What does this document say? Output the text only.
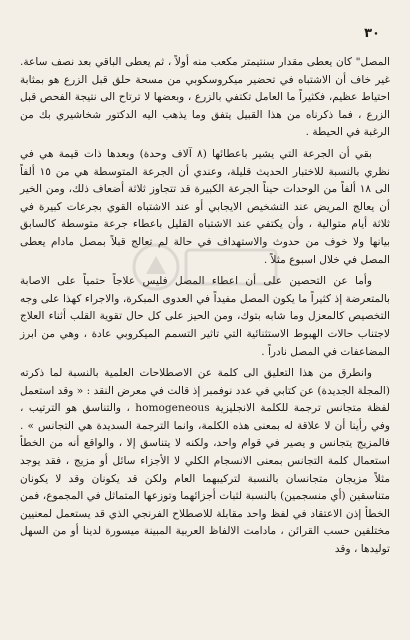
٣٠

المصل" كان يعطى مقدار سنتيمتر مكعب منه أولاً ، ثم يعطى الباقي بعد نصف ساعة. غير خاف أن الاشتباه في تحضير ميكروسكوبي من مسحة حلق قبل الزرع هو بمثابة احتياط عظيم، فكثيراً ما العامل تكتفي بالزرع ، وبعضها لا ترتاح الى نتيجة الفحص قبل الزرع ، فما ذكرناه من هذا القبيل يتفق وما يذهب اليه الدكتور شخاشيري بك من الرغبة في الحيطة .

بقي أن الجرعة التي يشير باعطائها (٨ آلاف وحدة) وبعدها ذات قيمة هي في نظري بالنسبة للاختبار الحديث قليلة، وعندي أن الجرعة المتوسطة هي من ١٥ ألفاً الى ١٨ ألفاً من الوحدات حيناً الجرعة الكبيرة قد تتجاوز ثلاثة أضعاف ذلك، ومن الخير أن يعالج المريض عند التشخيص الايجابي أو عند الاشتباه القوي بجرعات كبيرة في ثلاثة أيام متوالية ، وأن يكتفي عند الاشتباه القليل باعطاء جرعة متوسطة كالسابق بيانها ولا خوف من حدوث والاستهداف في حالة لم تعالج قبلاً بمصل مادام يعطى المصل في خلال اسبوع مثلاً .

وأما عن التحصين على أن اعطاء المصل فليس علاجاً حتمياً على الاصابة بالمتعرضة إذ كثيراً ما يكون المصل مفيداً في العدوى المبكرة، والاجراء كهذا على وجه التخصيص كالمعزل وما شابه بتوك، ومن الحيز على كل حال تقوية القلب أثناء العلاج لاجتناب حالات الهبوط الاستثنائية التي تاثير التسمم الميكروبي عادة ، وهي من ابرز المضاعفات في المصل نادراً .

وانطرق من هذا التعليق الى كلمة عن الاصطلاحات العلمية بالنسبة لما ذكرته (المجلة الجديدة) عن كتابي في عدد نوفمبر إذ قالت في معرض النقد : « وقد استعمل لفظة متجانس ترجمة للكلمة الانجليزية homogeneous ، والتناسق هو الترتيب ، وفي رأينا أن لا علاقة له بمعنى هذه الكلمة، وانما الترجمة السديدة هي التجانس » . فالمزيج يتجانس و يصير في قوام واحد، ولكنه لا يتناسق إلا ، والواقع أنه من الخطأ استعمال كلمة التجانس بمعنى الانسجام الكلي لا الأجزاء سائل أو مزيج ، فقد يوجد مثلاً مزيجان متجانسان بالنسبة لتركيبهما العام ولكن قد يكونان وقد لا يكونان متناسقين (أي منسجمين) بالنسبة لثبات أجزائهما وتوزعها المتماثل في المجموع، فمن الخطأ إذن الاعتقاد في لفظ واحد مقابلة للاصطلاح الفرنجي الذي قد يستعمل لمعنيين مختلفين حسب القرائن ، مادامت الالفاظ العربية المبينة ميسورة لدينا أو من السهل توليدها ، وقد
